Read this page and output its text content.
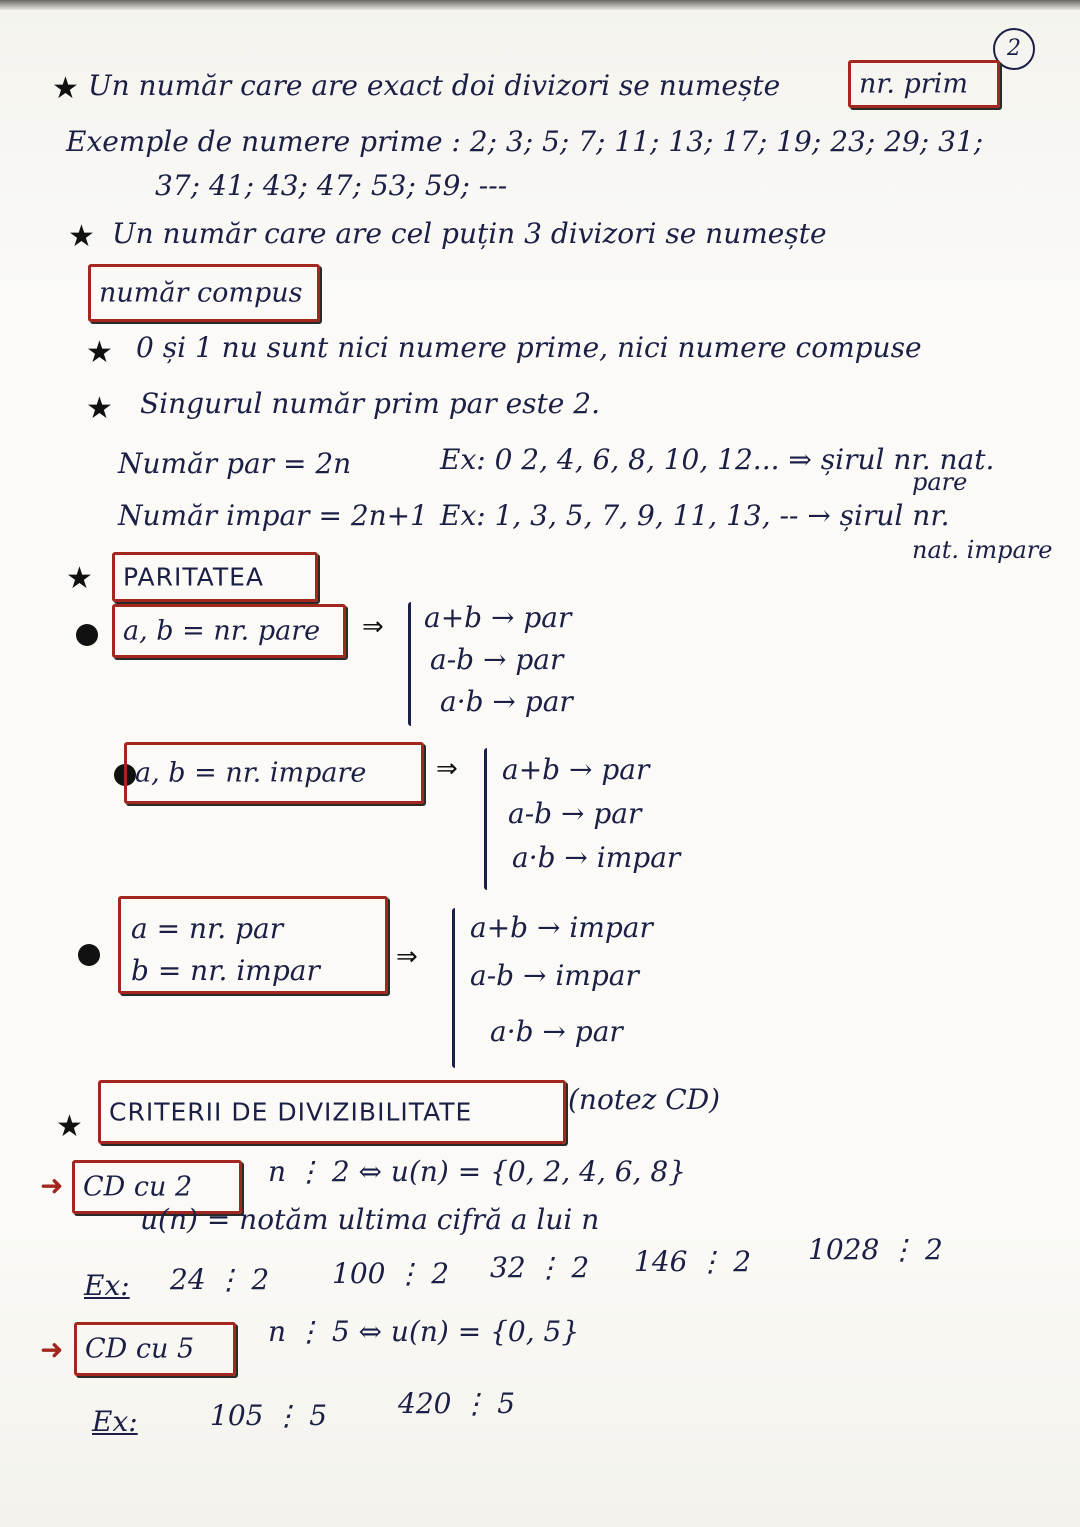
2
★ Un număr care are exact doi divizori se numește	nr. prim
Exemple de numere prime : 2; 3; 5; 7; 11; 13; 17; 19; 23; 29; 31;
37; 41; 43; 47; 53; 59; ---
★ Un număr care are cel puțin 3 divizori se numește
număr compus
★ 0 și 1 nu sunt nici numere prime, nici numere compuse
★ Singurul număr prim par este 2.
Număr par = 2n	Ex: 0 2, 4, 6, 8, 10, 12... ⇒ șirul nr. nat.
pare
Număr impar = 2n+1 Ex: 1, 3, 5, 7, 9, 11, 13, -- → șirul nr.
nat. impare
★ PARITATEA
a, b = nr. pare ⇒ a+b → par
a-b → par
a·b → par
a, b = nr. impare	⇒ a+b → par
a-b → par
a·b → impar
a = nr. par
b = nr. impar	⇒
a+b → impar
a-b → impar
a·b → par
★ CRITERII DE DIVIZIBILITATE	(notez CD)
➜ CD cu 2	n ⋮ 2 ⇔ u(n) = {0, 2, 4, 6, 8}
u(n) = notăm ultima cifră a lui n
Ex: 24 ⋮ 2 100 ⋮ 2 32 ⋮ 2 146 ⋮ 2 1028 ⋮ 2
➜ CD cu 5
n ⋮ 5 ⇔ u(n) = {0, 5}
Ex:	105 ⋮ 5	420 ⋮ 5
